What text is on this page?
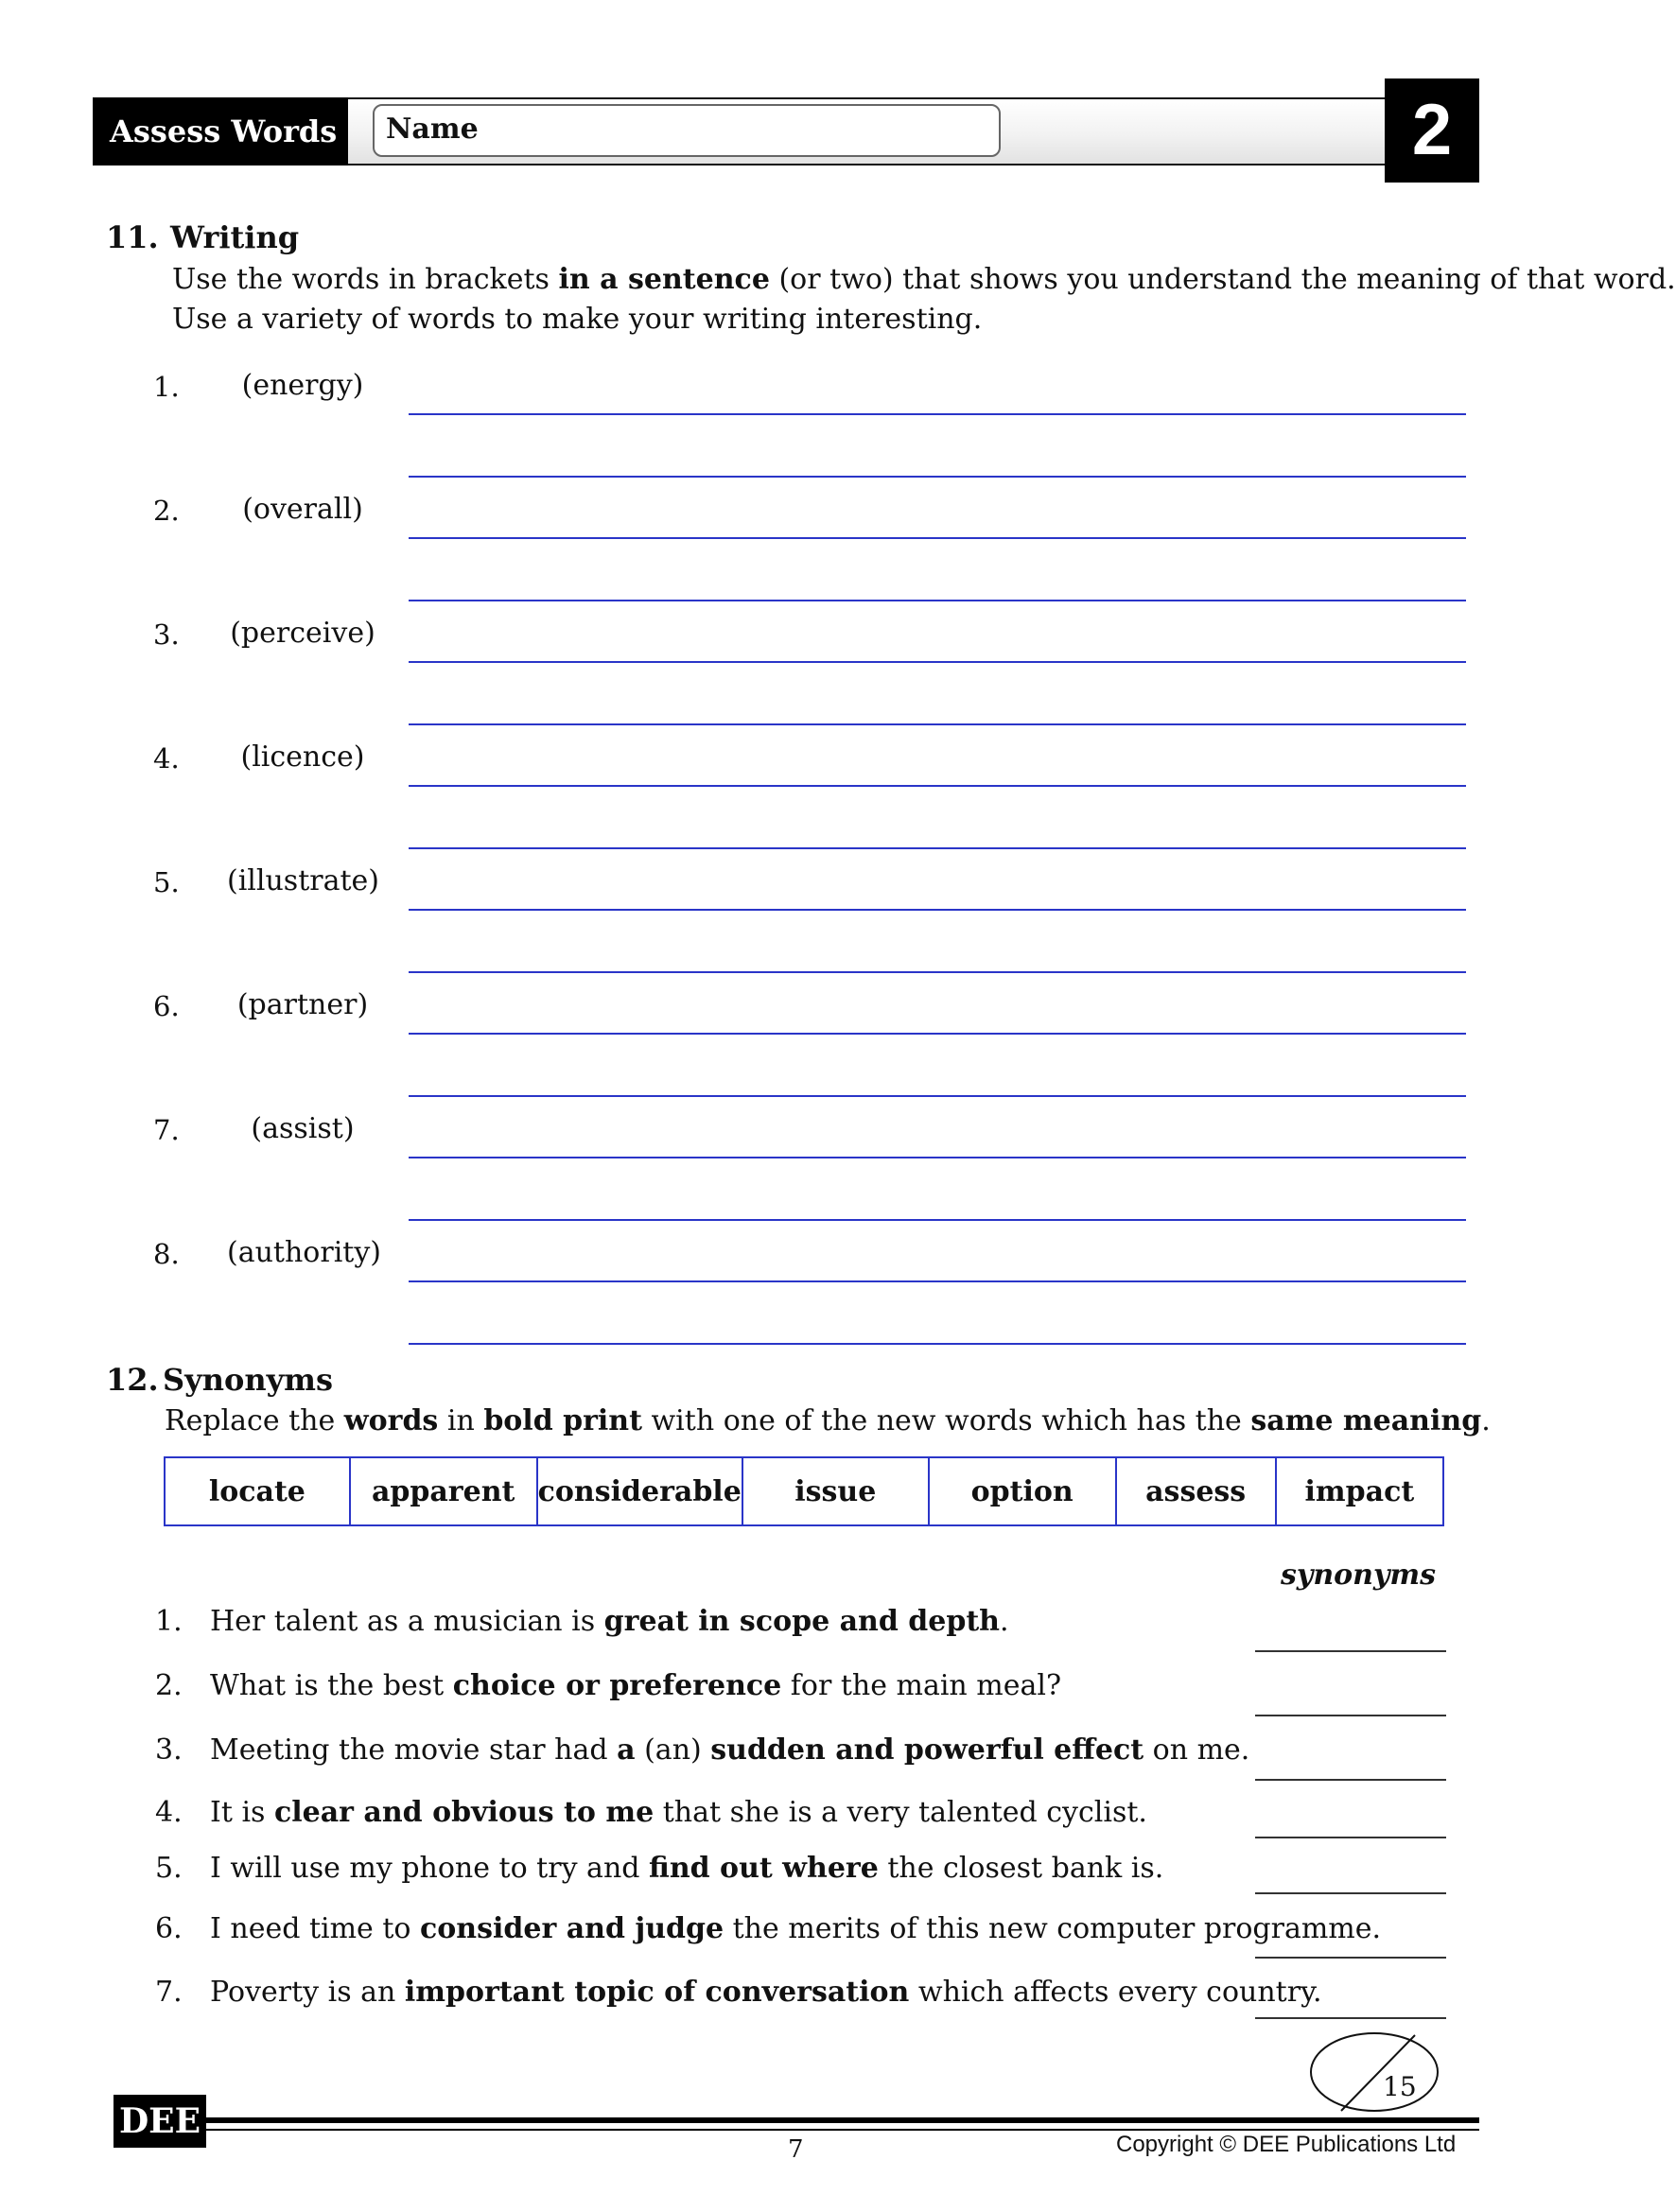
Assess Words 8
Name	2
11. Writing
Use the words in brackets in a sentence (or two) that shows you understand the meaning of that word.
Use a variety of words to make your writing interesting.
1.	(energy)
2.	(overall)
3. (perceive)
4.	(licence)
5. (illustrate)
6.	(partner)
7.	(assist)
8. (authority)
12. Synonyms
Replace the words in bold print with one of the new words which has the same meaning.
locate	apparent	considerable	issue	option	assess	impact
synonyms
1. Her talent as a musician is great in scope and depth.
2. What is the best choice or preference for the main meal?
3. Meeting the movie star had a (an) sudden and powerful effect on me.
4. It is clear and obvious to me that she is a very talented cyclist.
5. I will use my phone to try and find out where the closest bank is.
6. I need time to consider and judge the merits of this new computer programme.
7. Poverty is an important topic of conversation which affects every country.
15
DEE
7	Copyright © DEE Publications Ltd
